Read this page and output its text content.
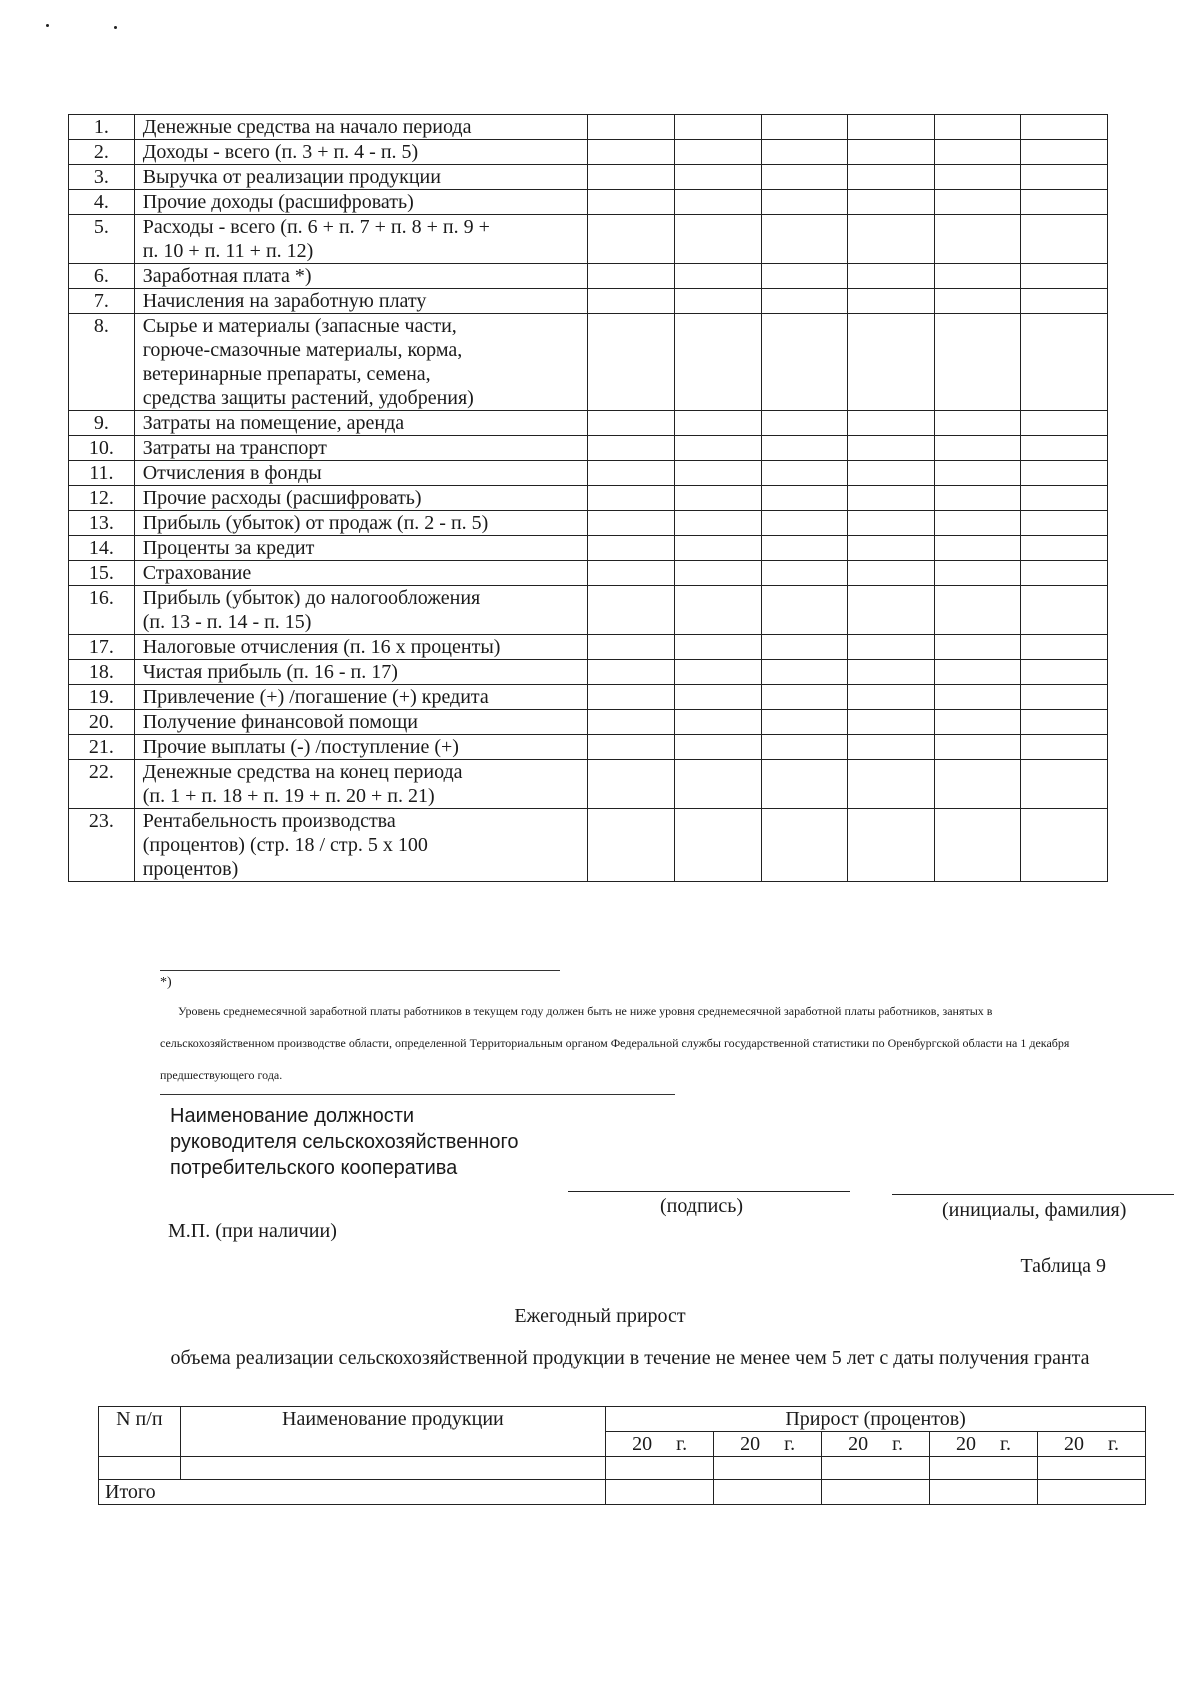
1.	Денежные средства на начало периода						

2.	Доходы - всего (п. 3 + п. 4 - п. 5)						

3.	Выручка от реализации продукции						

4.	Прочие доходы (расшифровать)						

5.	Расходы - всего (п. 6 + п. 7 + п. 8 + п. 9 +
п. 10 + п. 11 + п. 12)						

6.	Заработная плата *)						

7.	Начисления на заработную плату						

8.	Сырье и материалы (запасные части,
горюче-смазочные материалы, корма,
ветеринарные препараты, семена,
средства защиты растений, удобрения)						

9.	Затраты на помещение, аренда						

10.	Затраты на транспорт						

11.	Отчисления в фонды						

12.	Прочие расходы (расшифровать)						

13.	Прибыль (убыток) от продаж (п. 2 - п. 5)						

14.	Проценты за кредит						

15.	Страхование						

16.	Прибыль (убыток) до налогообложения
(п. 13 - п. 14 - п. 15)						

17.	Налоговые отчисления (п. 16 х проценты)						

18.	Чистая прибыль (п. 16 - п. 17)						

19.	Привлечение (+) /погашение (+) кредита						

20.	Получение финансовой помощи						

21.	Прочие выплаты (-) /поступление (+)						

22.	Денежные средства на конец периода
(п. 1 + п. 18 + п. 19 + п. 20 + п. 21)						

23.	Рентабельность производства
(процентов) (стр. 18 / стр. 5 х 100
процентов)						

*)
Уровень среднемесячной заработной платы работников в текущем году должен быть не ниже уровня среднемесячной заработной платы работников, занятых в сельскохозяйственном производстве области, определенной Территориальным органом Федеральной службы государственной статистики по Оренбургской области на 1 декабря предшествующего года.
Наименование должности
руководителя сельскохозяйственного
потребительского кооператива
(подпись)	(инициалы, фамилия)
М.П. (при наличии)
Таблица 9
Ежегодный прирост
объема реализации сельскохозяйственной продукции в течение не менее чем 5 лет с даты получения гранта
N п/п	Наименование продукции	Прирост (процентов)				
		20 г.	20 г.	20 г.	20 г.	20 г.

Итого						
